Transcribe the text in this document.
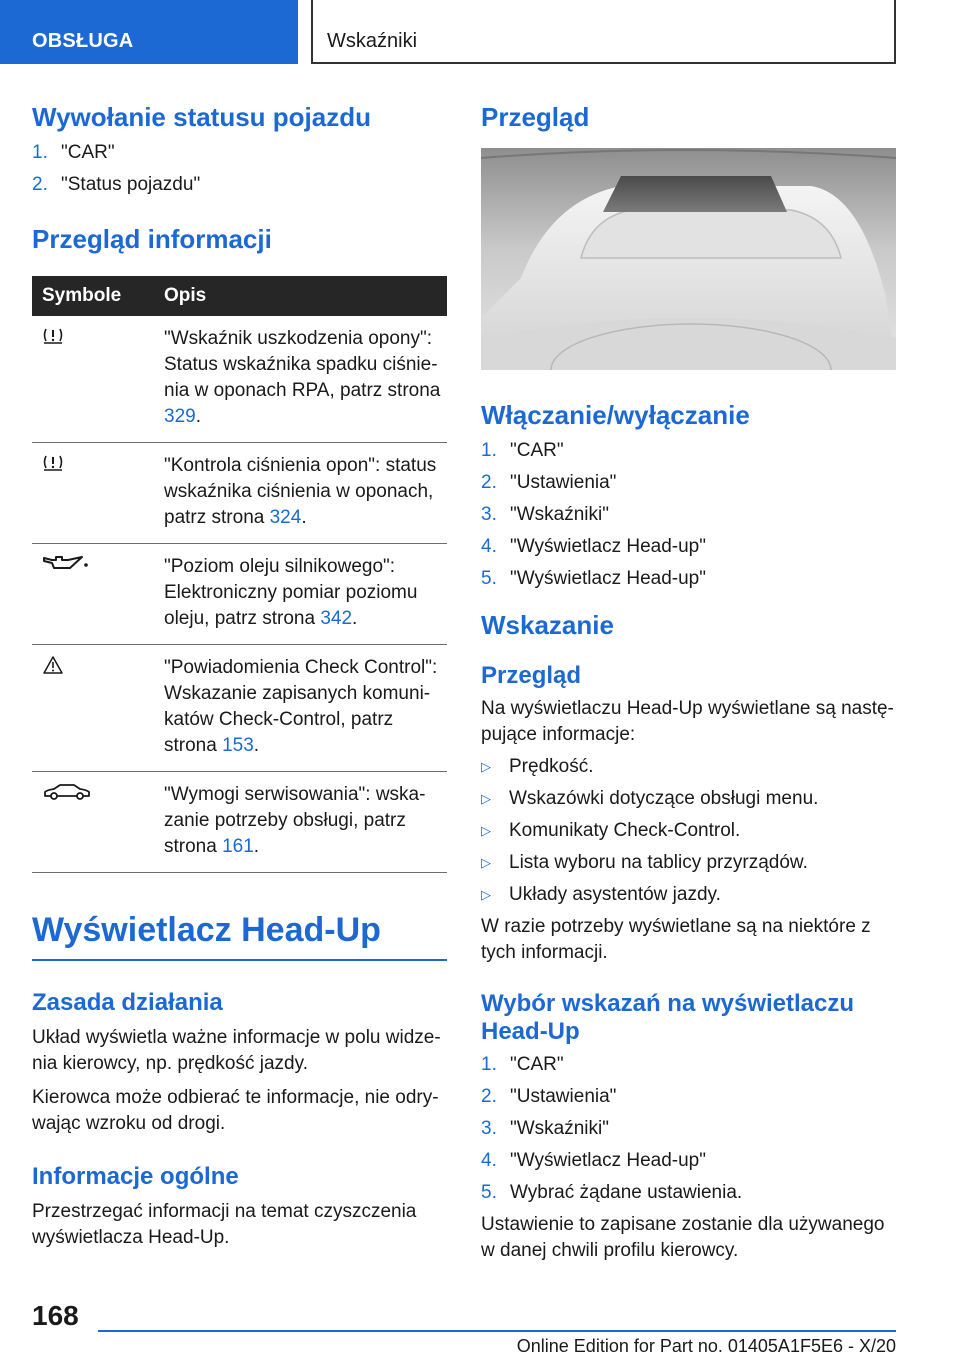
OBSŁUGA	Wskaźniki
Wywołanie statusu pojazdu
1. "CAR"
2. "Status pojazdu"
Przegląd informacji
Symbole	Opis
	"Wskaźnik uszkodzenia opony": Status wskaźnika spadku ciśnie‐nia w oponach RPA, patrz strona 329.
	"Kontrola ciśnienia opon": status wskaźnika ciśnienia w oponach, patrz strona 324.
	"Poziom oleju silnikowego": Elektroniczny pomiar poziomu oleju, patrz strona 342.
	"Powiadomienia Check Control": Wskazanie zapisanych komuni‐katów Check-Control, patrz strona 153.
	"Wymogi serwisowania": wska‐zanie potrzeby obsługi, patrz strona 161.
Wyświetlacz Head-Up
Zasada działania

Układ wyświetla ważne informacje w polu widze‐nia kierowcy, np. prędkość jazdy.

Kierowca może odbierać te informacje, nie odry‐wając wzroku od drogi.

Informacje ogólne

Przestrzegać informacji na temat czyszczenia wyświetlacza Head-Up.

Przegląd
Włączanie/wyłączanie
1. "CAR"
2. "Ustawienia"
3. "Wskaźniki"
4. "Wyświetlacz Head-up"
5. "Wyświetlacz Head-up"
Wskazanie
Przegląd

Na wyświetlaczu Head-Up wyświetlane są nastę‐pujące informacje:

▷ Prędkość.
▷ Wskazówki dotyczące obsługi menu.
▷ Komunikaty Check-Control.
▷ Lista wyboru na tablicy przyrządów.
▷ Układy asystentów jazdy.

W razie potrzeby wyświetlane są na niektóre z tych informacji.

Wybór wskazań na wyświetlaczu Head-Up
1. "CAR"
2. "Ustawienia"
3. "Wskaźniki"
4. "Wyświetlacz Head-up"
5. Wybrać żądane ustawienia.

Ustawienie to zapisane zostanie dla używanego w danej chwili profilu kierowcy.

168
Online Edition for Part no. 01405A1F5E6 - X/20
